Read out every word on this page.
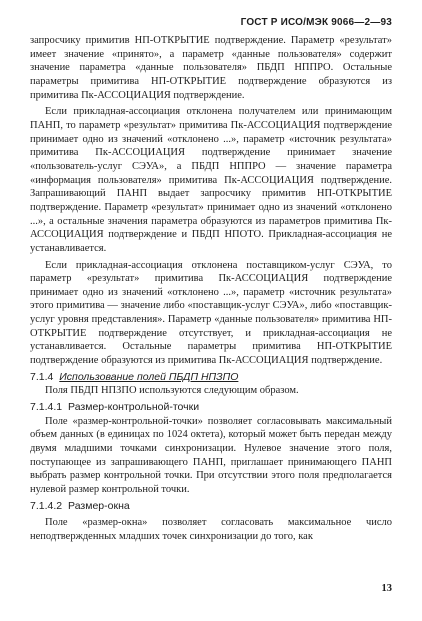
ГОСТ Р ИСО/МЭК 9066—2—93

запросчику примитив НП-ОТКРЫТИЕ подтверждение. Параметр «результат» имеет значение «принято», а параметр «данные пользователя» содержит значение параметра «данные пользователя» ПБДП НППРО. Остальные параметры примитива НП-ОТКРЫТИЕ подтверждение образуются из примитива Пк-АССОЦИАЦИЯ подтверждение.

Если прикладная-ассоциация отклонена получателем или принимающим ПАНП, то параметр «результат» примитива Пк-АССОЦИАЦИЯ подтверждение принимает одно из значений «отклонено ...», параметр «источник результата» примитива Пк-АССОЦИАЦИЯ подтверждение принимает значение «пользователь-услуг СЭУА», а ПБДП НППРО — значение параметра «информация пользователя» примитива Пк-АССОЦИАЦИЯ подтверждение. Запрашивающий ПАНП выдает запросчику примитив НП-ОТКРЫТИЕ подтверждение. Параметр «результат» принимает одно из значений «отклонено ...», а остальные значения параметра образуются из параметров примитива Пк-АССОЦИАЦИЯ подтверждение и ПБДП НПОТО. Прикладная-ассоциация не устанавливается.

Если прикладная-ассоциация отклонена поставщиком-услуг СЭУА, то параметр «результат» примитива Пк-АССОЦИАЦИЯ подтверждение принимает одно из значений «отклонено ...», параметр «источник результата» этого примитива — значение либо «поставщик-услуг СЭУА», либо «поставщик-услуг уровня представления». Параметр «данные пользователя» примитива НП-ОТКРЫТИЕ подтверждение отсутствует, и прикладная-ассоциация не устанавливается. Остальные параметры примитива НП-ОТКРЫТИЕ подтверждение образуются из примитива Пк-АССОЦИАЦИЯ подтверждение.

7.1.4 Использование полей ПБДП НПЗПО

Поля ПБДП НПЗПО используются следующим образом.

7.1.4.1 Размер-контрольной-точки

Поле «размер-контрольной-точки» позволяет согласовывать максимальный объем данных (в единицах по 1024 октета), который может быть передан между двумя младшими точками синхронизации. Нулевое значение этого поля, поступающее из запрашивающего ПАНП, приглашает принимающего ПАНП выбрать размер контрольной точки. При отсутствии этого поля предполагается нулевой размер контрольной точки.

7.1.4.2 Размер-окна

Поле «размер-окна» позволяет согласовать максимальное число неподтвержденных младших точек синхронизации до того, как

13
